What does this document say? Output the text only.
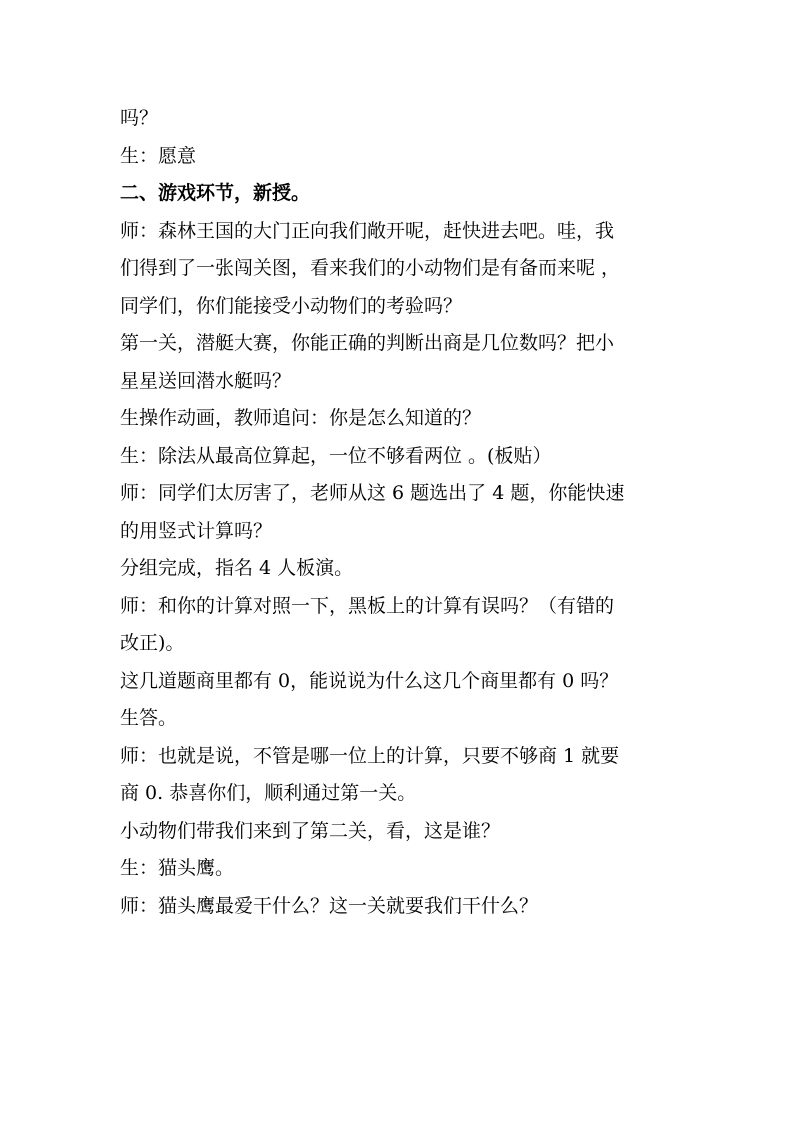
吗？
生：愿意
二、游戏环节，新授。
师：森林王国的大门正向我们敞开呢，赶快进去吧。哇，我
们得到了一张闯关图，看来我们的小动物们是有备而来呢 ，
同学们，你们能接受小动物们的考验吗？
第一关，潜艇大赛，你能正确的判断出商是几位数吗？把小
星星送回潜水艇吗？
生操作动画，教师追问：你是怎么知道的？
生：除法从最高位算起，一位不够看两位 。(板贴）
师：同学们太厉害了，老师从这 6 题选出了 4 题，你能快速
的用竖式计算吗？
分组完成，指名 4 人板演。
师：和你的计算对照一下，黑板上的计算有误吗？（有错的
改正)。
这几道题商里都有 0，能说说为什么这几个商里都有 0 吗？
生答。
师：也就是说，不管是哪一位上的计算，只要不够商 1 就要
商 0. 恭喜你们，顺利通过第一关。
小动物们带我们来到了第二关，看，这是谁？
生：猫头鹰。
师：猫头鹰最爱干什么？这一关就要我们干什么？
